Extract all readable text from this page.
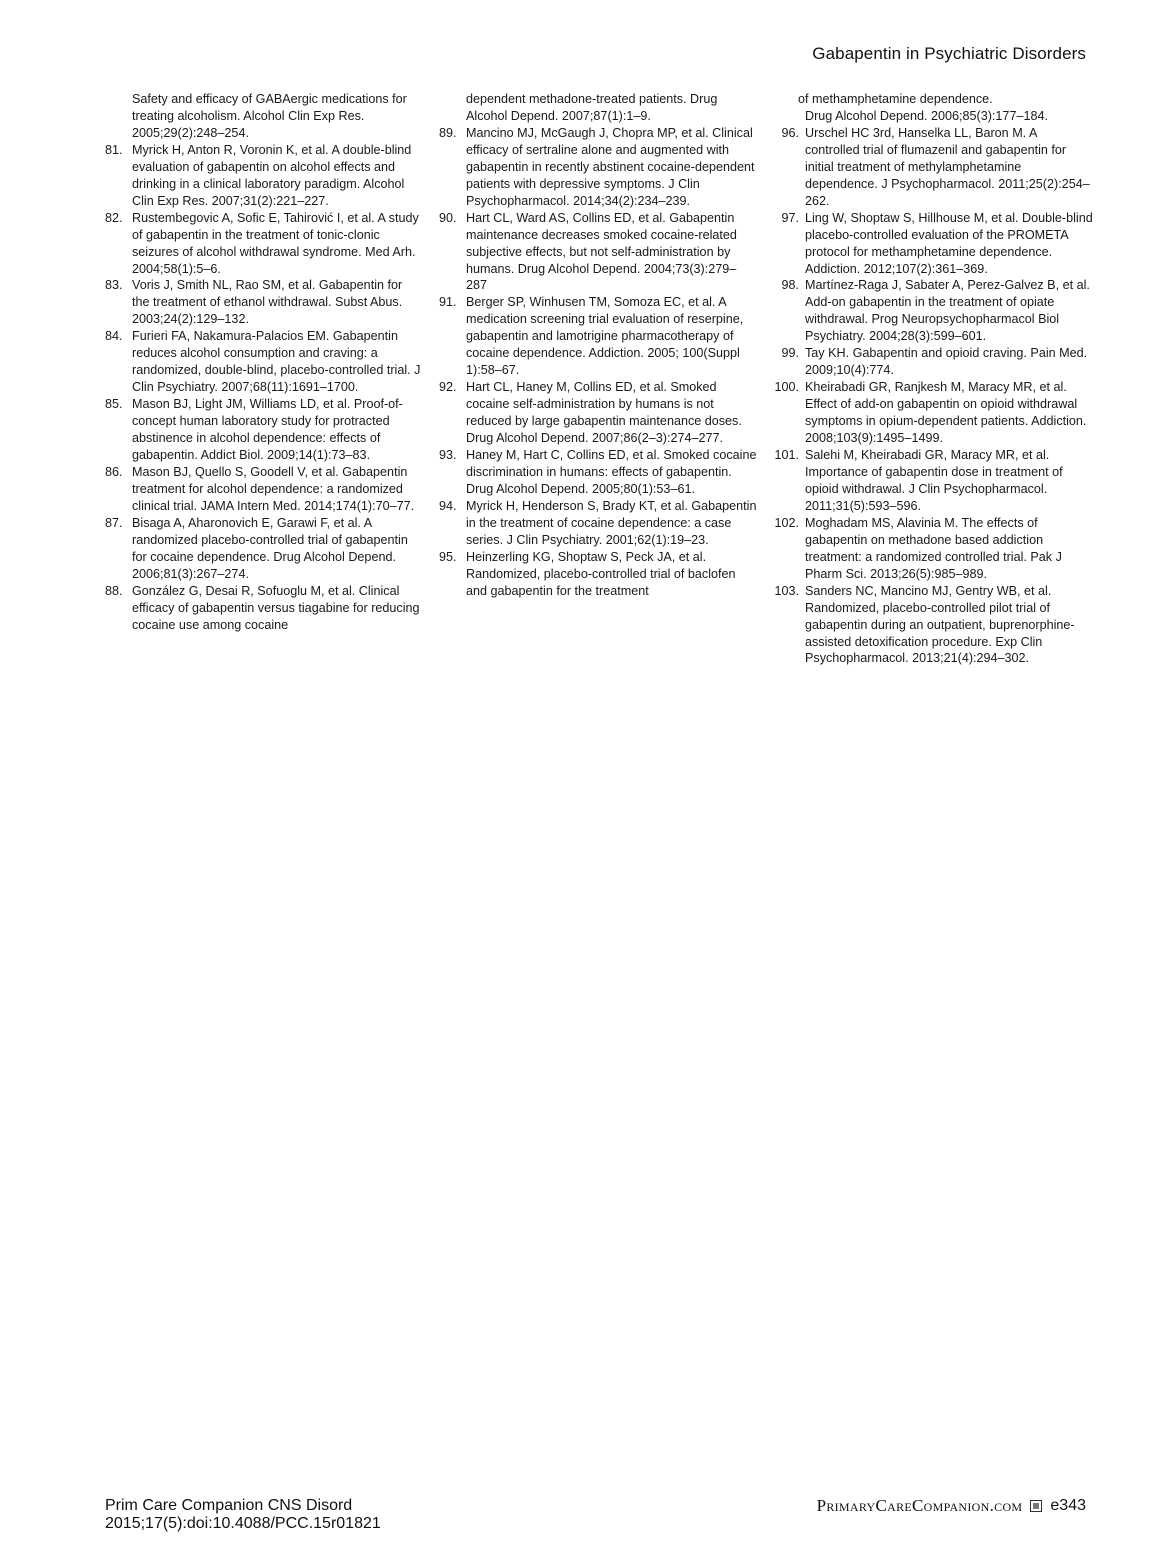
Gabapentin in Psychiatric Disorders
Safety and efficacy of GABAergic medications for treating alcoholism. Alcohol Clin Exp Res. 2005;29(2):248–254.
81. Myrick H, Anton R, Voronin K, et al. A double-blind evaluation of gabapentin on alcohol effects and drinking in a clinical laboratory paradigm. Alcohol Clin Exp Res. 2007;31(2):221–227.
82. Rustembegovic A, Sofic E, Tahirović I, et al. A study of gabapentin in the treatment of tonic-clonic seizures of alcohol withdrawal syndrome. Med Arh. 2004;58(1):5–6.
83. Voris J, Smith NL, Rao SM, et al. Gabapentin for the treatment of ethanol withdrawal. Subst Abus. 2003;24(2):129–132.
84. Furieri FA, Nakamura-Palacios EM. Gabapentin reduces alcohol consumption and craving: a randomized, double-blind, placebo-controlled trial. J Clin Psychiatry. 2007;68(11):1691–1700.
85. Mason BJ, Light JM, Williams LD, et al. Proof-of-concept human laboratory study for protracted abstinence in alcohol dependence: effects of gabapentin. Addict Biol. 2009;14(1):73–83.
86. Mason BJ, Quello S, Goodell V, et al. Gabapentin treatment for alcohol dependence: a randomized clinical trial. JAMA Intern Med. 2014;174(1):70–77.
87. Bisaga A, Aharonovich E, Garawi F, et al. A randomized placebo-controlled trial of gabapentin for cocaine dependence. Drug Alcohol Depend. 2006;81(3):267–274.
88. González G, Desai R, Sofuoglu M, et al. Clinical efficacy of gabapentin versus tiagabine for reducing cocaine use among cocaine
dependent methadone-treated patients. Drug Alcohol Depend. 2007;87(1):1–9.
89. Mancino MJ, McGaugh J, Chopra MP, et al. Clinical efficacy of sertraline alone and augmented with gabapentin in recently abstinent cocaine-dependent patients with depressive symptoms. J Clin Psychopharmacol. 2014;34(2):234–239.
90. Hart CL, Ward AS, Collins ED, et al. Gabapentin maintenance decreases smoked cocaine-related subjective effects, but not self-administration by humans. Drug Alcohol Depend. 2004;73(3):279–287
91. Berger SP, Winhusen TM, Somoza EC, et al. A medication screening trial evaluation of reserpine, gabapentin and lamotrigine pharmacotherapy of cocaine dependence. Addiction. 2005; 100(Suppl 1):58–67.
92. Hart CL, Haney M, Collins ED, et al. Smoked cocaine self-administration by humans is not reduced by large gabapentin maintenance doses. Drug Alcohol Depend. 2007;86(2–3):274–277.
93. Haney M, Hart C, Collins ED, et al. Smoked cocaine discrimination in humans: effects of gabapentin. Drug Alcohol Depend. 2005;80(1):53–61.
94. Myrick H, Henderson S, Brady KT, et al. Gabapentin in the treatment of cocaine dependence: a case series. J Clin Psychiatry. 2001;62(1):19–23.
95. Heinzerling KG, Shoptaw S, Peck JA, et al. Randomized, placebo-controlled trial of baclofen and gabapentin for the treatment
of methamphetamine dependence.
Drug Alcohol Depend. 2006;85(3):177–184.
96. Urschel HC 3rd, Hanselka LL, Baron M. A controlled trial of flumazenil and gabapentin for initial treatment of methylamphetamine dependence. J Psychopharmacol. 2011;25(2):254–262.
97. Ling W, Shoptaw S, Hillhouse M, et al. Double-blind placebo-controlled evaluation of the PROMETA protocol for methamphetamine dependence. Addiction. 2012;107(2):361–369.
98. Martínez-Raga J, Sabater A, Perez-Galvez B, et al. Add-on gabapentin in the treatment of opiate withdrawal. Prog Neuropsychopharmacol Biol Psychiatry. 2004;28(3):599–601.
99. Tay KH. Gabapentin and opioid craving. Pain Med. 2009;10(4):774.
100. Kheirabadi GR, Ranjkesh M, Maracy MR, et al. Effect of add-on gabapentin on opioid withdrawal symptoms in opium-dependent patients. Addiction. 2008;103(9):1495–1499.
101. Salehi M, Kheirabadi GR, Maracy MR, et al. Importance of gabapentin dose in treatment of opioid withdrawal. J Clin Psychopharmacol. 2011;31(5):593–596.
102. Moghadam MS, Alavinia M. The effects of gabapentin on methadone based addiction treatment: a randomized controlled trial. Pak J Pharm Sci. 2013;26(5):985–989.
103. Sanders NC, Mancino MJ, Gentry WB, et al. Randomized, placebo-controlled pilot trial of gabapentin during an outpatient, buprenorphine-assisted detoxification procedure. Exp Clin Psychopharmacol. 2013;21(4):294–302.
Prim Care Companion CNS Disord
2015;17(5):doi:10.4088/PCC.15r01821
PrimaryCareCompanion.com e343
